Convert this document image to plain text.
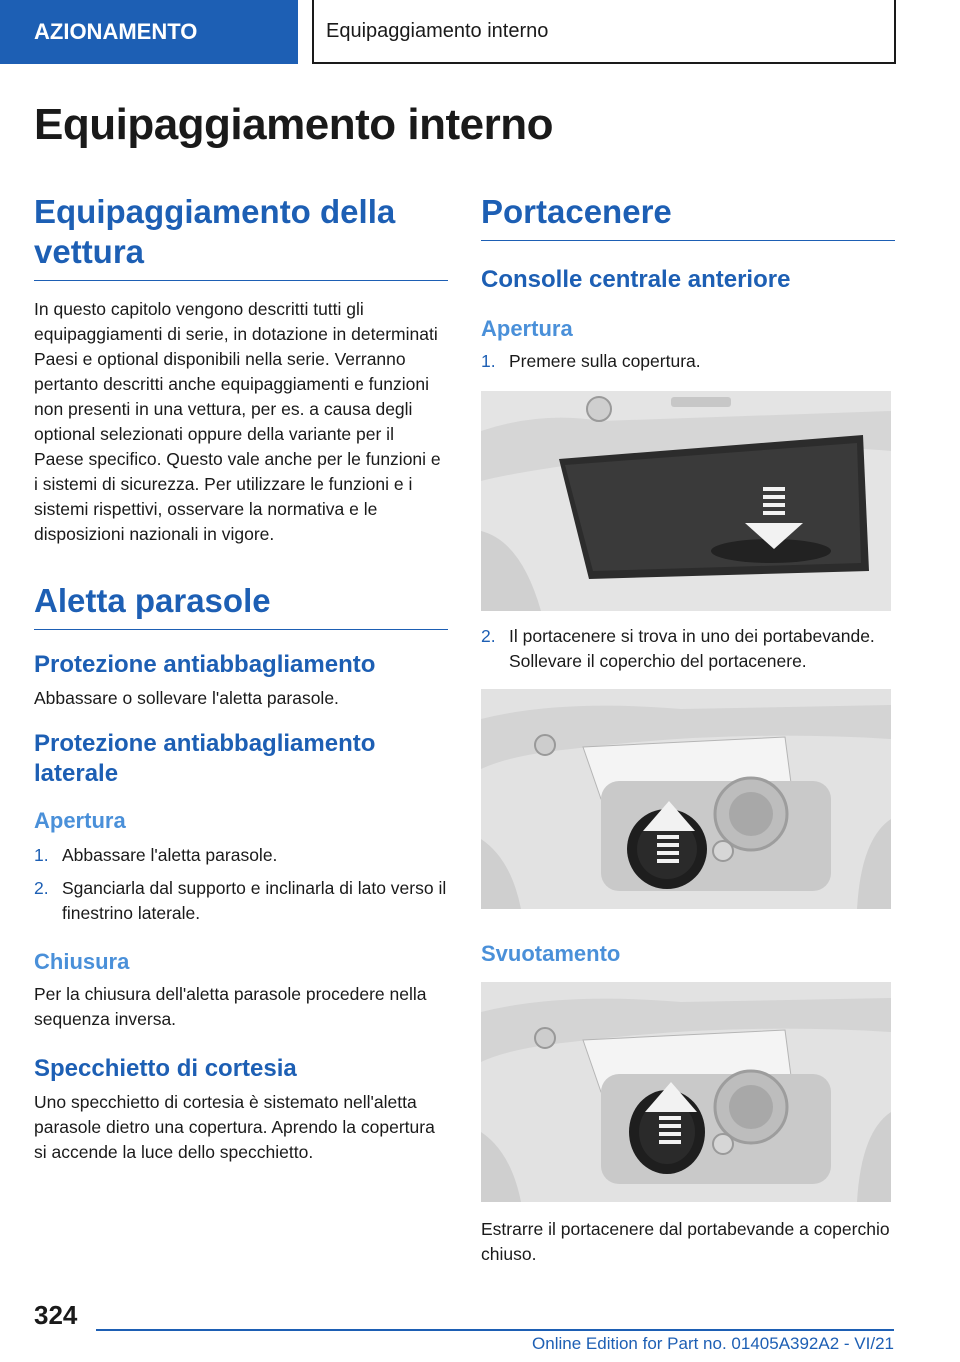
AZIONAMENTO	Equipaggiamento interno
Equipaggiamento interno
Equipaggiamento della vettura

In questo capitolo vengono descritti tutti gli equipaggiamenti di serie, in dotazione in determinati Paesi e optional disponibili nella serie. Verranno pertanto descritti anche equipaggiamenti e funzioni non presenti in una vettura, per es. a causa degli optional selezionati oppure della variante per il Paese specifico. Questo vale anche per le funzioni e i sistemi di sicurezza. Per utilizzare le funzioni e i sistemi rispettivi, osservare la normativa e le disposizioni nazionali in vigore.

Aletta parasole
Protezione antiabbagliamento

Abbassare o sollevare l'aletta parasole.

Protezione antiabbagliamento laterale
Apertura
1. Abbassare l'aletta parasole.
2. Sganciarla dal supporto e inclinarla di lato verso il finestrino laterale.
Chiusura

Per la chiusura dell'aletta parasole procedere nella sequenza inversa.

Specchietto di cortesia

Uno specchietto di cortesia è sistemato nell'aletta parasole dietro una copertura. Aprendo la copertura si accende la luce dello specchietto.

Portacenere
Consolle centrale anteriore
Apertura
1. Premere sulla copertura.
2. Il portacenere si trova in uno dei portabevande. Sollevare il coperchio del portacenere.
Svuotamento

Estrarre il portacenere dal portabevande a coperchio chiuso.

324
Online Edition for Part no. 01405A392A2 - VI/21
